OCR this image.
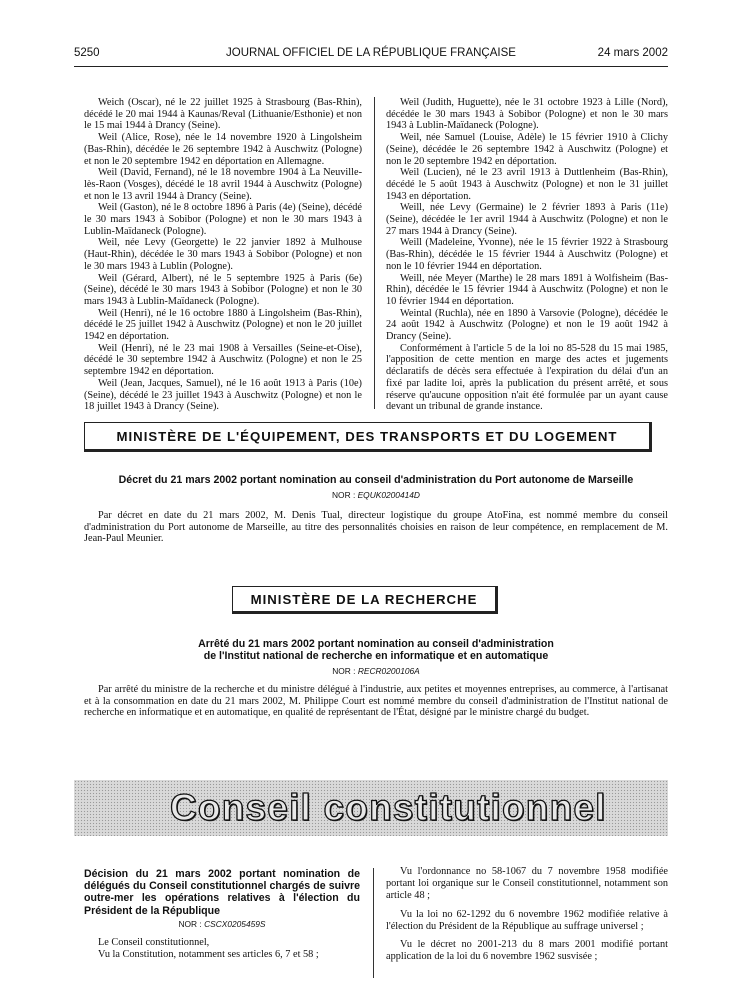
5250	JOURNAL OFFICIEL DE LA RÉPUBLIQUE FRANÇAISE	24 mars 2002

Weich (Oscar), né le 22 juillet 1925 à Strasbourg (Bas-Rhin), décédé le 20 mai 1944 à Kaunas/Reval (Lithuanie/Esthonie) et non le 15 mai 1944 à Drancy (Seine).

Weil (Alice, Rose), née le 14 novembre 1920 à Lingolsheim (Bas-Rhin), décédée le 26 septembre 1942 à Auschwitz (Pologne) et non le 20 septembre 1942 en déportation en Allemagne.

Weil (David, Fernand), né le 18 novembre 1904 à La Neuville-lès-Raon (Vosges), décédé le 18 avril 1944 à Auschwitz (Pologne) et non le 13 avril 1944 à Drancy (Seine).

Weil (Gaston), né le 8 octobre 1896 à Paris (4e) (Seine), décédé le 30 mars 1943 à Sobibor (Pologne) et non le 30 mars 1943 à Lublin-Maïdaneck (Pologne).

Weil, née Levy (Georgette) le 22 janvier 1892 à Mulhouse (Haut-Rhin), décédée le 30 mars 1943 à Sobibor (Pologne) et non le 30 mars 1943 à Lublin (Pologne).

Weil (Gérard, Albert), né le 5 septembre 1925 à Paris (6e) (Seine), décédé le 30 mars 1943 à Sobibor (Pologne) et non le 30 mars 1943 à Lublin-Maïdaneck (Pologne).

Weil (Henri), né le 16 octobre 1880 à Lingolsheim (Bas-Rhin), décédé le 25 juillet 1942 à Auschwitz (Pologne) et non le 20 juillet 1942 en déportation.

Weil (Henri), né le 23 mai 1908 à Versailles (Seine-et-Oise), décédé le 30 septembre 1942 à Auschwitz (Pologne) et non le 25 septembre 1942 en déportation.

Weil (Jean, Jacques, Samuel), né le 16 août 1913 à Paris (10e) (Seine), décédé le 23 juillet 1943 à Auschwitz (Pologne) et non le 18 juillet 1943 à Drancy (Seine).

Weil (Judith, Huguette), née le 31 octobre 1923 à Lille (Nord), décédée le 30 mars 1943 à Sobibor (Pologne) et non le 30 mars 1943 à Lublin-Maïdaneck (Pologne).

Weil, née Samuel (Louise, Adèle) le 15 février 1910 à Clichy (Seine), décédée le 26 septembre 1942 à Auschwitz (Pologne) et non le 20 septembre 1942 en déportation.

Weil (Lucien), né le 23 avril 1913 à Duttlenheim (Bas-Rhin), décédé le 5 août 1943 à Auschwitz (Pologne) et non le 31 juillet 1943 en déportation.

Weill, née Levy (Germaine) le 2 février 1893 à Paris (11e) (Seine), décédée le 1er avril 1944 à Auschwitz (Pologne) et non le 27 mars 1944 à Drancy (Seine).

Weill (Madeleine, Yvonne), née le 15 février 1922 à Strasbourg (Bas-Rhin), décédée le 15 février 1944 à Auschwitz (Pologne) et non le 10 février 1944 en déportation.

Weill, née Meyer (Marthe) le 28 mars 1891 à Wolfisheim (Bas-Rhin), décédée le 15 février 1944 à Auschwitz (Pologne) et non le 10 février 1944 en déportation.

Weintal (Ruchla), née en 1890 à Varsovie (Pologne), décédée le 24 août 1942 à Auschwitz (Pologne) et non le 19 août 1942 à Drancy (Seine).

Conformément à l'article 5 de la loi no 85-528 du 15 mai 1985, l'apposition de cette mention en marge des actes et jugements déclaratifs de décès sera effectuée à l'expiration du délai d'un an fixé par ladite loi, après la publication du présent arrêté, et sous réserve qu'aucune opposition n'ait été formulée par un ayant cause devant un tribunal de grande instance.

MINISTÈRE DE L'ÉQUIPEMENT, DES TRANSPORTS ET DU LOGEMENT
Décret du 21 mars 2002 portant nomination au conseil d'administration du Port autonome de Marseille
NOR : EQUK0200414D

Par décret en date du 21 mars 2002, M. Denis Tual, directeur logistique du groupe AtoFina, est nommé membre du conseil d'administration du Port autonome de Marseille, au titre des personnalités choisies en raison de leur compétence, en remplacement de M. Jean-Paul Meunier.

MINISTÈRE DE LA RECHERCHE
Arrêté du 21 mars 2002 portant nomination au conseil d'administration
de l'Institut national de recherche en informatique et en automatique
NOR : RECR0200106A

Par arrêté du ministre de la recherche et du ministre délégué à l'industrie, aux petites et moyennes entreprises, au commerce, à l'artisanat et à la consommation en date du 21 mars 2002, M. Philippe Court est nommé membre du conseil d'administration de l'Institut national de recherche en informatique et en automatique, en qualité de représentant de l'État, désigné par le ministre chargé du budget.

Conseil constitutionnel
Décision du 21 mars 2002 portant nomination de délégués du Conseil constitutionnel chargés de suivre outre-mer les opérations relatives à l'élection du Président de la République
NOR : CSCX0205459S

Le Conseil constitutionnel,

Vu la Constitution, notamment ses articles 6, 7 et 58 ;

Vu l'ordonnance no 58-1067 du 7 novembre 1958 modifiée portant loi organique sur le Conseil constitutionnel, notamment son article 48 ;

Vu la loi no 62-1292 du 6 novembre 1962 modifiée relative à l'élection du Président de la République au suffrage universel ;

Vu le décret no 2001-213 du 8 mars 2001 modifié portant application de la loi du 6 novembre 1962 susvisée ;
